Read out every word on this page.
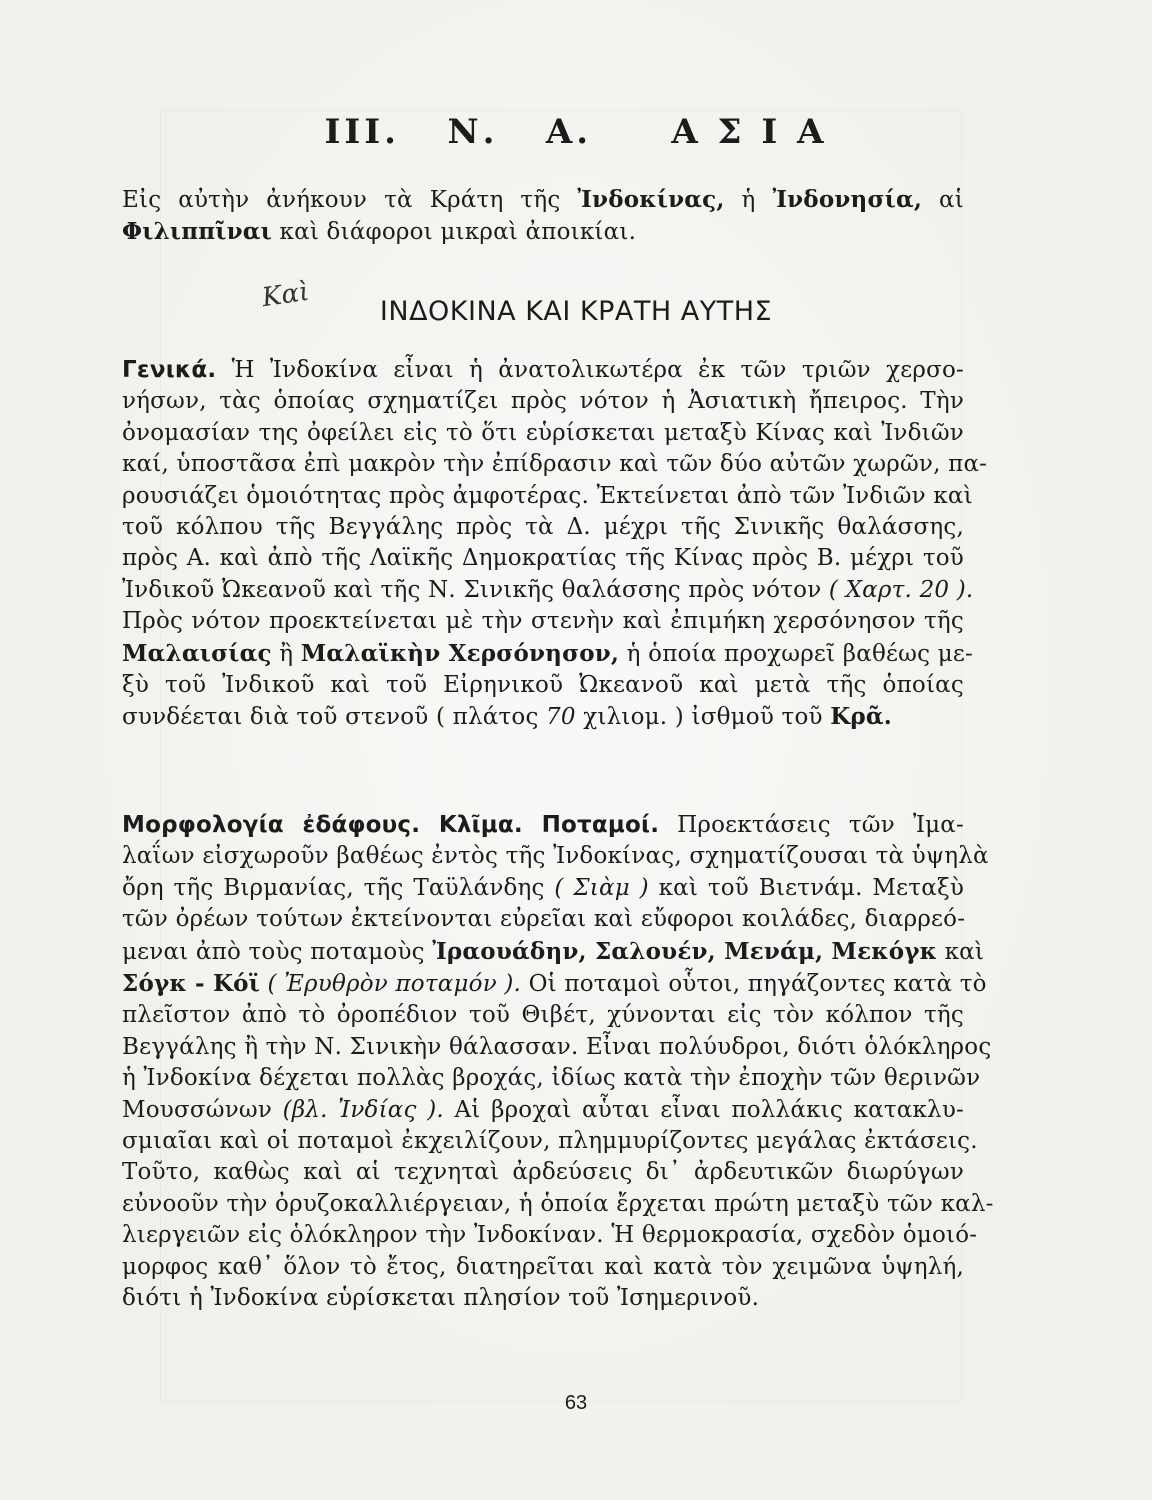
III.   Ν.   Α.     Α Σ Ι Α
Εἰς αὐτὴν ἀνήκουν τὰ Κράτη τῆς Ἰνδοκίνας, ἡ Ἰνδονησία, αἱ
Φιλιππῖναι καὶ διάφοροι μικραὶ ἀποικίαι.
Καὶ	ΙΝΔΟΚΙΝΑ ΚΑΙ ΚΡΑΤΗ ΑΥΤΗΣ
Γενικά. Ἡ Ἰνδοκίνα εἶναι ἡ ἀνατολικωτέρα ἐκ τῶν τριῶν χερσο-
νήσων, τὰς ὁποίας σχηματίζει πρὸς νότον ἡ Ἀσιατικὴ ἤπειρος. Τὴν
ὀνομασίαν της ὀφείλει εἰς τὸ ὅτι εὑρίσκεται μεταξὺ Κίνας καὶ Ἰνδιῶν
καί, ὑποστᾶσα ἐπὶ μακρὸν τὴν ἐπίδρασιν καὶ τῶν δύο αὐτῶν χωρῶν, πα-
ρουσιάζει ὁμοιότητας πρὸς ἀμφοτέρας. Ἐκτείνεται ἀπὸ τῶν Ἰνδιῶν καὶ
τοῦ κόλπου τῆς Βεγγάλης πρὸς τὰ Δ. μέχρι τῆς Σινικῆς θαλάσσης,
πρὸς Α. καὶ ἀπὸ τῆς Λαϊκῆς Δημοκρατίας τῆς Κίνας πρὸς Β. μέχρι τοῦ
Ἰνδικοῦ Ὠκεανοῦ καὶ τῆς Ν. Σινικῆς θαλάσσης πρὸς νότον ( Χαρτ. 20 ).
Πρὸς νότον προεκτείνεται μὲ τὴν στενὴν καὶ ἐπιμήκη χερσόνησον τῆς
Μαλαισίας ἢ Μαλαϊκὴν Χερσόνησον, ἡ ὁποία προχωρεῖ βαθέως με-
ξὺ τοῦ Ἰνδικοῦ καὶ τοῦ Εἰρηνικοῦ Ὠκεανοῦ καὶ μετὰ τῆς ὁποίας
συνδέεται διὰ τοῦ στενοῦ ( πλάτος 70 χιλιομ. ) ἰσθμοῦ τοῦ Κρᾶ.
Μορφολογία ἐδάφους. Κλῖμα. Ποταμοί. Προεκτάσεις τῶν Ἰμα-
λαΐων εἰσχωροῦν βαθέως ἐντὸς τῆς Ἰνδοκίνας, σχηματίζουσαι τὰ ὑψηλὰ
ὄρη τῆς Βιρμανίας, τῆς Ταϋλάνδης ( Σιὰμ ) καὶ τοῦ Βιετνάμ. Μεταξὺ
τῶν ὀρέων τούτων ἐκτείνονται εὐρεῖαι καὶ εὔφοροι κοιλάδες, διαρρεό-
μεναι ἀπὸ τοὺς ποταμοὺς Ἰραουάδην, Σαλουέν, Μενάμ, Μεκόγκ καὶ
Σόγκ - Κόϊ ( Ἐρυθρὸν ποταμόν ). Οἱ ποταμοὶ οὗτοι, πηγάζοντες κατὰ τὸ
πλεῖστον ἀπὸ τὸ ὀροπέδιον τοῦ Θιβέτ, χύνονται εἰς τὸν κόλπον τῆς
Βεγγάλης ἢ τὴν Ν. Σινικὴν θάλασσαν. Εἶναι πολύυδροι, διότι ὁλόκληρος
ἡ Ἰνδοκίνα δέχεται πολλὰς βροχάς, ἰδίως κατὰ τὴν ἐποχὴν τῶν θερινῶν
Μουσσώνων (βλ. Ἰνδίας ). Αἱ βροχαὶ αὗται εἶναι πολλάκις κατακλυ-
σμιαῖαι καὶ οἱ ποταμοὶ ἐκχειλίζουν, πλημμυρίζοντες μεγάλας ἐκτάσεις.
Τοῦτο, καθὼς καὶ αἱ τεχνηταὶ ἀρδεύσεις δι᾽ ἀρδευτικῶν διωρύγων
εὐνοοῦν τὴν ὀρυζοκαλλιέργειαν, ἡ ὁποία ἔρχεται πρώτη μεταξὺ τῶν καλ-
λιεργειῶν εἰς ὁλόκληρον τὴν Ἰνδοκίναν. Ἡ θερμοκρασία, σχεδὸν ὁμοιό-
μορφος καθ᾽ ὅλον τὸ ἔτος, διατηρεῖται καὶ κατὰ τὸν χειμῶνα ὑψηλή,
διότι ἡ Ἰνδοκίνα εὑρίσκεται πλησίον τοῦ Ἰσημερινοῦ.
63
